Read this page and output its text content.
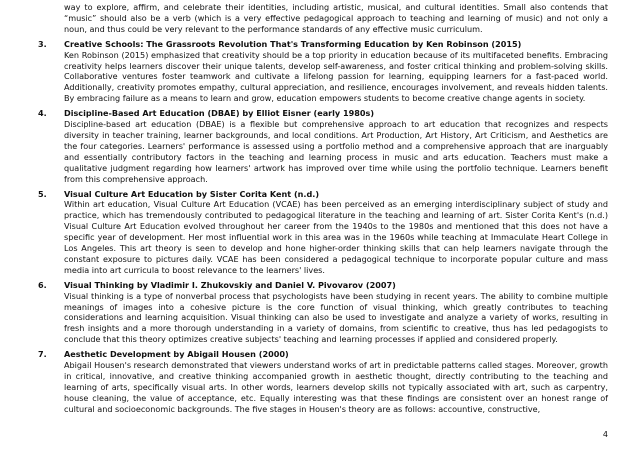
way to explore, affirm, and celebrate their identities, including artistic, musical, and cultural identities. Small also contends that “music” should also be a verb (which is a very effective pedagogical approach to teaching and learning of music) and not only a noun, and thus could be very relevant to the performance standards of any effective music curriculum.

3.	Creative Schools: The Grassroots Revolution That's Transforming Education by Ken Robinson (2015)

Ken Robinson (2015) emphasized that creativity should be a top priority in education because of its multifaceted benefits. Embracing creativity helps learners discover their unique talents, develop self-awareness, and foster critical thinking and problem-solving skills. Collaborative ventures foster teamwork and cultivate a lifelong passion for learning, equipping learners for a fast-paced world. Additionally, creativity promotes empathy, cultural appreciation, and resilience, encourages involvement, and reveals hidden talents. By embracing failure as a means to learn and grow, education empowers students to become creative change agents in society.

4.	Discipline-Based Art Education (DBAE) by Elliot Eisner (early 1980s)

Discipline-based art education (DBAE) is a flexible but comprehensive approach to art education that recognizes and respects diversity in teacher training, learner backgrounds, and local conditions. Art Production, Art History, Art Criticism, and Aesthetics are the four categories. Learners' performance is assessed using a portfolio method and a comprehensive approach that are inarguably and essentially contributory factors in the teaching and learning process in music and arts education. Teachers must make a qualitative judgment regarding how learners' artwork has improved over time while using the portfolio technique. Learners benefit from this comprehensive approach.

5.	Visual Culture Art Education by Sister Corita Kent (n.d.)

Within art education, Visual Culture Art Education (VCAE) has been perceived as an emerging interdisciplinary subject of study and practice, which has tremendously contributed to pedagogical literature in the teaching and learning of art. Sister Corita Kent's (n.d.) Visual Culture Art Education evolved throughout her career from the 1940s to the 1980s and mentioned that this does not have a specific year of development. Her most influential work in this area was in the 1960s while teaching at Immaculate Heart College in Los Angeles. This art theory is seen to develop and hone higher-order thinking skills that can help learners navigate through the constant exposure to pictures daily. VCAE has been considered a pedagogical technique to incorporate popular culture and mass media into art curricula to boost relevance to the learners' lives.

6.	Visual Thinking by Vladimir I. Zhukovskiy and Daniel V. Pivovarov (2007)

Visual thinking is a type of nonverbal process that psychologists have been studying in recent years. The ability to combine multiple meanings of images into a cohesive picture is the core function of visual thinking, which greatly contributes to teaching considerations and learning acquisition. Visual thinking can also be used to investigate and analyze a variety of works, resulting in fresh insights and a more thorough understanding in a variety of domains, from scientific to creative, thus has led pedagogists to conclude that this theory optimizes creative subjects' teaching and learning processes if applied and considered properly.

7.	Aesthetic Development by Abigail Housen (2000)

Abigail Housen's research demonstrated that viewers understand works of art in predictable patterns called stages. Moreover, growth in critical, innovative, and creative thinking accompanied growth in aesthetic thought, directly contributing to the teaching and learning of arts, specifically visual arts. In other words, learners develop skills not typically associated with art, such as carpentry, house cleaning, the value of acceptance, etc. Equally interesting was that these findings are consistent over an honest range of cultural and socioeconomic backgrounds. The five stages in Housen's theory are as follows: accountive, constructive,

4
